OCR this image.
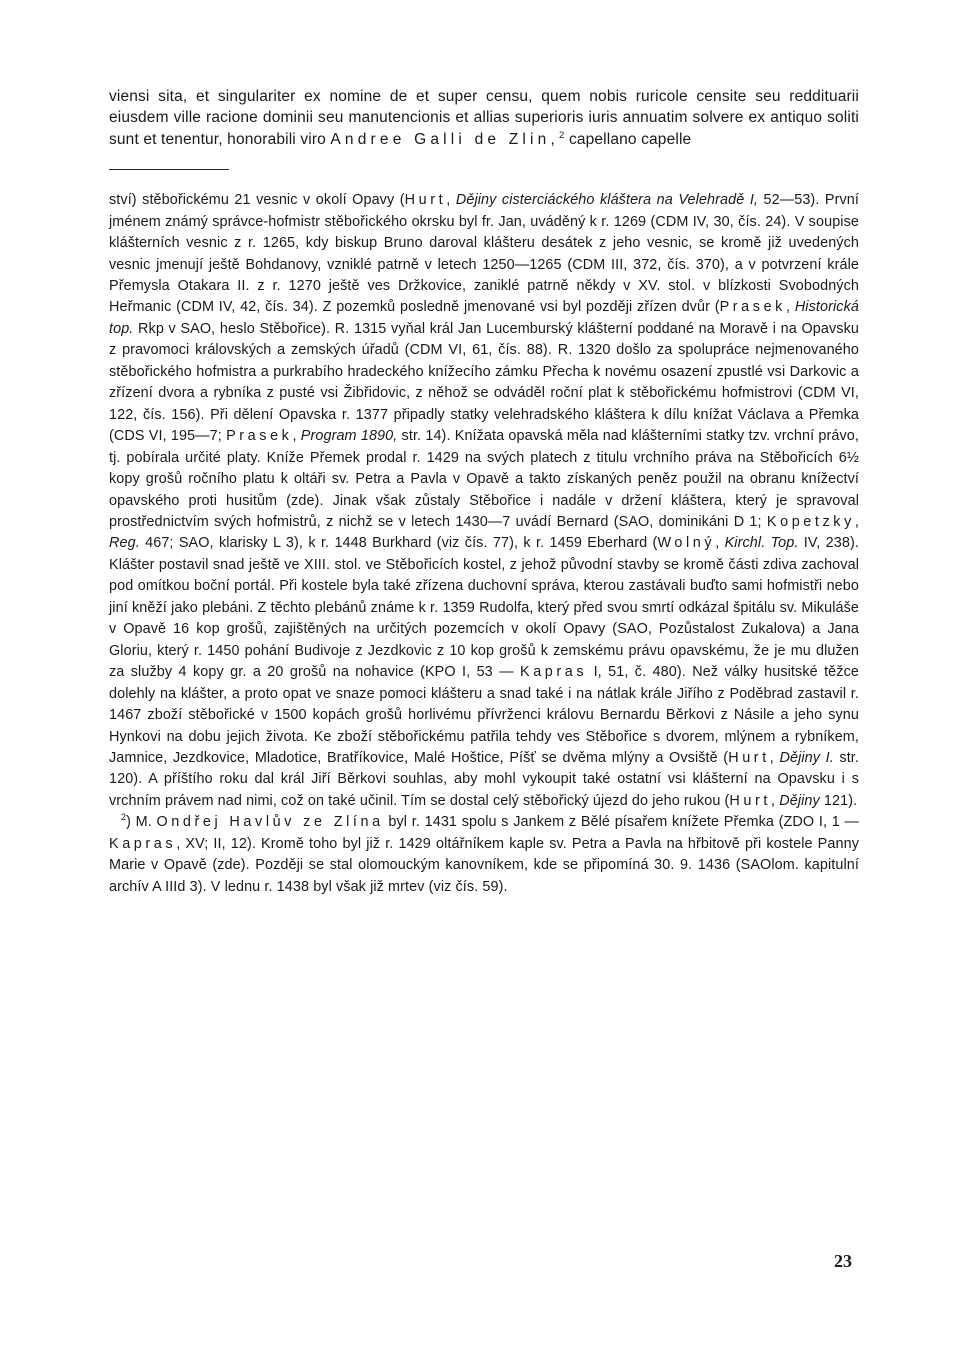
viensi sita, et singulariter ex nomine de et super censu, quem nobis ruricole censite seu reddituarii eiusdem ville racione dominii seu manutencionis et allias superioris iuris annuatim solvere ex antiquo soliti sunt et tenentur, honorabili viro Andree Galli de Zlin,$^2$ capellano capelle

ství) stěbořickému 21 vesnic v okolí Opavy (Hurt, Dějiny cisterciáckého kláštera na Velehradě I, 52—53). První jménem známý správce-hofmistr stěbořického okrsku byl fr. Jan, uváděný k r. 1269 (CDM IV, 30, čís. 24). V soupise klášterních vesnic z r. 1265, kdy biskup Bruno daroval klášteru desátek z jeho vesnic, se kromě již uvedených vesnic jmenují ještě Bohdanovy, vzniklé patrně v letech 1250—1265 (CDM III, 372, čís. 370), a v potvrzení krále Přemysla Otakara II. z r. 1270 ještě ves Držkovice, zaniklé patrně někdy v XV. stol. v blízkosti Svobodných Heřmanic (CDM IV, 42, čís. 34). Z pozemků posledně jmenované vsi byl později zřízen dvůr (Prasek, Historická top. Rkp v SAO, heslo Stěbořice). R. 1315 vyňal král Jan Lucemburský klášterní poddané na Moravě i na Opavsku z pravomoci královských a zemských úřadů (CDM VI, 61, čís. 88). R. 1320 došlo za spolupráce nejmenovaného stěbořického hofmistra a purkrabího hradeckého knížecího zámku Přecha k novému osazení zpustlé vsi Darkovic a zřízení dvora a rybníka z pusté vsi Žibřidovic, z něhož se odváděl roční plat k stěbořickému hofmistrovi (CDM VI, 122, čís. 156). Při dělení Opavska r. 1377 připadly statky velehradského kláštera k dílu knížat Václava a Přemka (CDS VI, 195—7; Prasek, Program 1890, str. 14). Knížata opavská měla nad klášterními statky tzv. vrchní právo, tj. pobírala určité platy. Kníže Přemek prodal r. 1429 na svých platech z titulu vrchního práva na Stěbořicích 6½ kopy grošů ročního platu k oltáři sv. Petra a Pavla v Opavě a takto získaných peněz použil na obranu knížectví opavského proti husitům (zde). Jinak však zůstaly Stěbořice i nadále v držení kláštera, který je spravoval prostřednictvím svých hofmistrů, z nichž se v letech 1430—7 uvádí Bernard (SAO, dominikáni D 1; Kopetzky, Reg. 467; SAO, klarisky L 3), k r. 1448 Burkhard (viz čís. 77), k r. 1459 Eberhard (Wolný, Kirchl. Top. IV, 238). Klášter postavil snad ještě ve XIII. stol. ve Stěbořicích kostel, z jehož původní stavby se kromě části zdiva zachoval pod omítkou boční portál. Při kostele byla také zřízena duchovní správa, kterou zastávali buďto sami hofmistři nebo jiní kněží jako plebáni. Z těchto plebánů známe k r. 1359 Rudolfa, který před svou smrtí odkázal špitálu sv. Mikuláše v Opavě 16 kop grošů, zajištěných na určitých pozemcích v okolí Opavy (SAO, Pozůstalost Zukalova) a Jana Gloriu, který r. 1450 pohání Budivoje z Jezdkovic z 10 kop grošů k zemskému právu opavskému, že je mu dlužen za služby 4 kopy gr. a 20 grošů na nohavice (KPO I, 53 — Kapras I, 51, č. 480). Než války husitské těžce dolehly na klášter, a proto opat ve snaze pomoci klášteru a snad také i na nátlak krále Jiřího z Poděbrad zastavil r. 1467 zboží stěbořické v 1500 kopách grošů horlivému přívrženci královu Bernardu Běrkovi z Násile a jeho synu Hynkovi na dobu jejich života. Ke zboží stěbořickému patřila tehdy ves Stěbořice s dvorem, mlýnem a rybníkem, Jamnice, Jezdkovice, Mladotice, Bratříkovice, Malé Hoštice, Píšť se dvěma mlýny a Ovsiště (Hurt, Dějiny I. str. 120). A příštího roku dal král Jiří Běrkovi souhlas, aby mohl vykoupit také ostatní vsi klášterní na Opavsku i s vrchním právem nad nimi, což on také učinil. Tím se dostal celý stěbořický újezd do jeho rukou (Hurt, Dějiny 121).

$^2$) M. Ondřej Havlův ze Zlína byl r. 1431 spolu s Jankem z Bělé písařem knížete Přemka (ZDO I, 1 — Kapras, XV; II, 12). Kromě toho byl již r. 1429 oltářníkem kaple sv. Petra a Pavla na hřbitově při kostele Panny Marie v Opavě (zde). Později se stal olomouckým kanovníkem, kde se připomíná 30. 9. 1436 (SAOlom. kapitulní archív A IIId 3). V lednu r. 1438 byl však již mrtev (viz čís. 59).

23
